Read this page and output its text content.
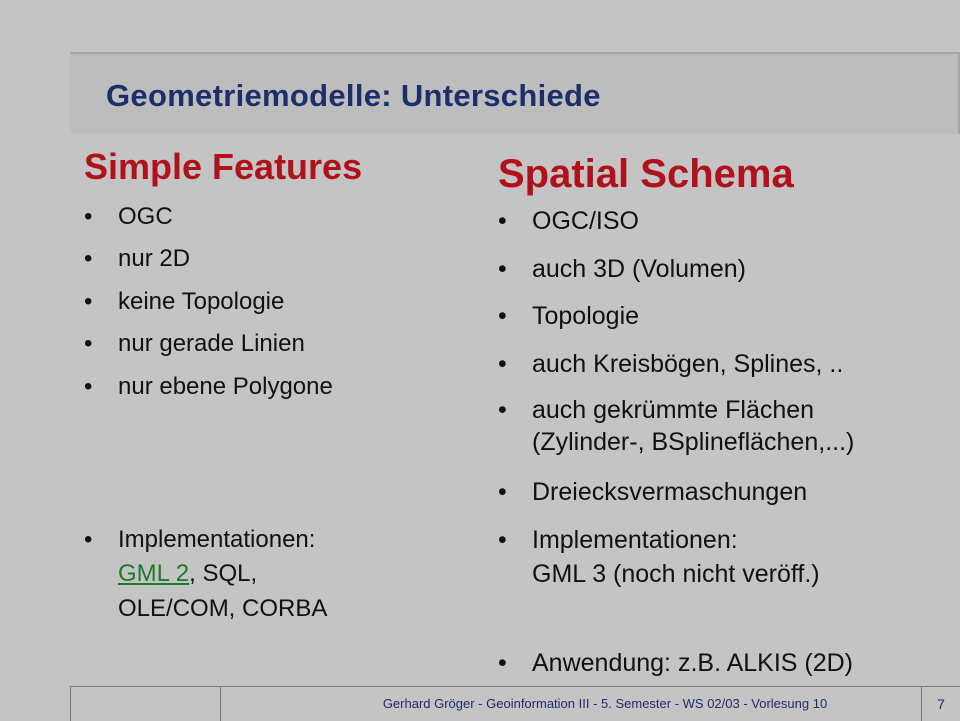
Geometriemodelle: Unterschiede
Simple Features	Spatial Schema
• OGC
• nur 2D
• keine Topologie
• nur gerade Linien
• nur ebene Polygone
• Implementationen:
GML 2, SQL,
OLE/COM, CORBA
• OGC/ISO
• auch 3D (Volumen)
• Topologie
• auch Kreisbögen, Splines, ..
• auch gekrümmte Flächen
(Zylinder-, BSplineflächen,...)
• Dreiecksvermaschungen
• Implementationen:
GML 3 (noch nicht veröff.)
• Anwendung: z.B. ALKIS (2D)
Gerhard Gröger - Geoinformation III - 5. Semester - WS 02/03 - Vorlesung 10	7
